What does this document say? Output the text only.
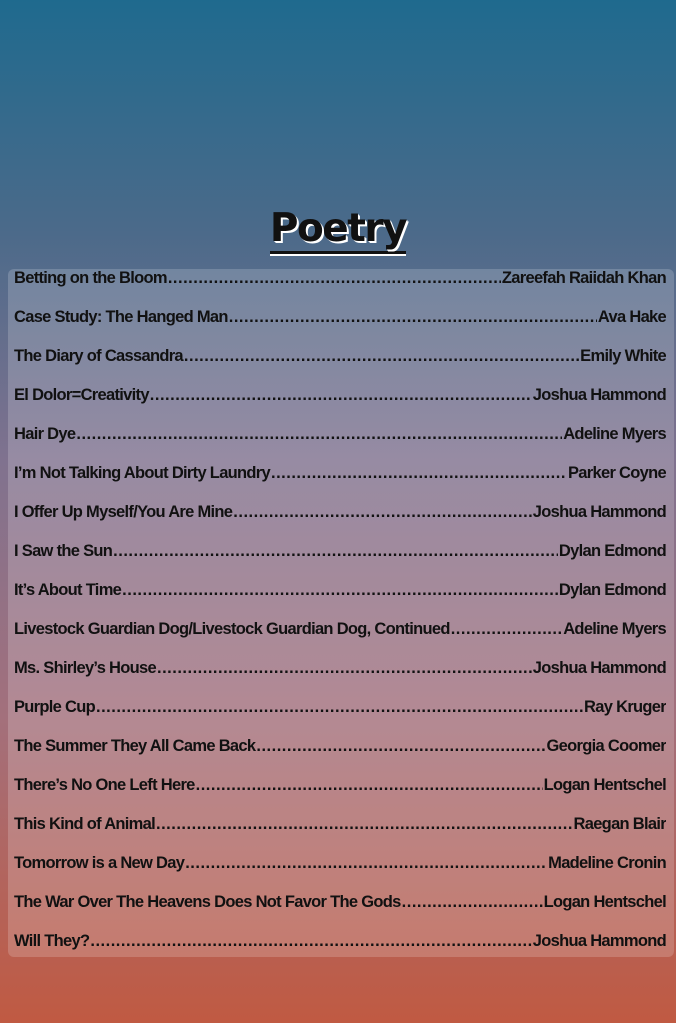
Poetry
Betting on the Bloom .....	Zareefah Raiidah Khan
Case Study: The Hanged Man .....	Ava Hake
The Diary of Cassandra .....	Emily White
El Dolor=Creativity .....	Joshua Hammond
Hair Dye .....	Adeline Myers
I’m Not Talking About Dirty Laundry .....	Parker Coyne
I Offer Up Myself/You Are Mine .....	Joshua Hammond
I Saw the Sun .....	Dylan Edmond
It’s About Time .....	Dylan Edmond
Livestock Guardian Dog/Livestock Guardian Dog, Continued .....	Adeline Myers
Ms. Shirley’s House .....	Joshua Hammond
Purple Cup .....	Ray Kruger
The Summer They All Came Back .....	Georgia Coomer
There’s No One Left Here .....	Logan Hentschel
This Kind of Animal .....	Raegan Blair
Tomorrow is a New Day .....	Madeline Cronin
The War Over The Heavens Does Not Favor The Gods .....	Logan Hentschel
Will They? .....	Joshua Hammond
